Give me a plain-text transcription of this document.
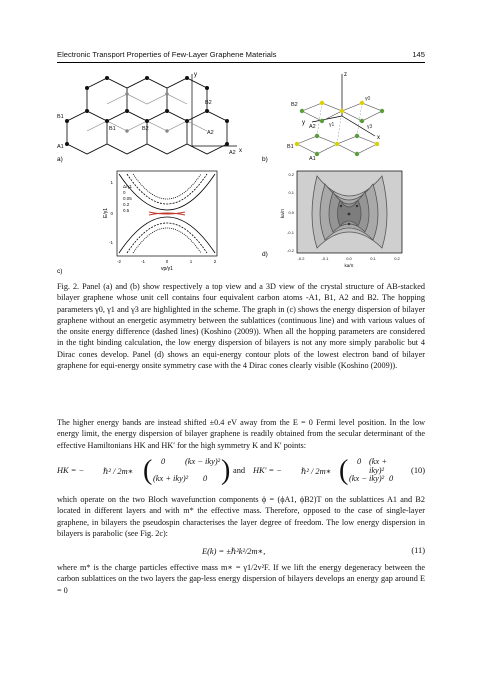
Electronic Transport Properties of Few-Layer Graphene Materials	145
y
x
B2
B1
A2
B1	B2
A1
A2
a)
z
y
x
B2
A2
B1
A1
γ0
γ1	γ3
b)
Δ/γ1
0
0.05
0.2
0.5
1
0
-1
-2	-1	0	1	2
vp/γ1
E/γ1
c)
0.2
0.1
0.0
-0.1
-0.2
-0.2	-0.1	0.0	0.1	0.2
ka/π
ka/π
d)

Fig. 2. Panel (a) and (b) show respectively a top view and a 3D view of the crystal structure of AB-stacked bilayer graphene whose unit cell contains four equivalent carbon atoms -A1, B1, A2 and B2. The hopping parameters γ0, γ1 and γ3 are highlighted in the scheme. The graph in (c) shows the energy dispersion of bilayer graphene without an energetic asymmetry between the sublattices (continuous line) and with various values of the onsite energy difference (dashed lines) (Koshino (2009)). When all the hopping parameters are considered in the tight binding calculation, the low energy dispersion of bilayers is not any more simply parabolic but 4 Dirac cones develop. Panel (d) shows an equi-energy contour plots of the lowest electron band of bilayer graphene for equi-energy onsite symmetry case with the 4 Dirac cones clearly visible (Koshino (2009)).

The higher energy bands are instead shifted ±0.4 eV away from the E = 0 Fermi level position. In the low energy limit, the energy dispersion of bilayer graphene is readily obtained from the secular determinant of the effective Hamiltonians HK and HK′ for the high symmetry K and K′ points:

HK = − ℏ² / 2m∗ ( 0 (kx − iky)²
(kx + iky)² 0 ) and HK′ = − ℏ² / 2m∗ ( 0 (kx + iky)²
(kx − iky)² 0
(10)

which operate on the two Bloch wavefunction components ϕ = (ϕA1, ϕB2)T on the sublattices A1 and B2 located in different layers and with m* the effective mass. Therefore, opposed to the case of single-layer graphene, in bilayers the pseudospin characterises the layer degree of freedom. The low energy dispersion in bilayers is parabolic (see Fig. 2c):

E(k) = ±ℏ²k²/2m∗,	(11)

where m* is the charge particles effective mass m∗ = γ1/2v²F. If we lift the energy degeneracy between the carbon sublattices on the two layers the gap-less energy dispersion of bilayers develops an energy gap around E = 0
